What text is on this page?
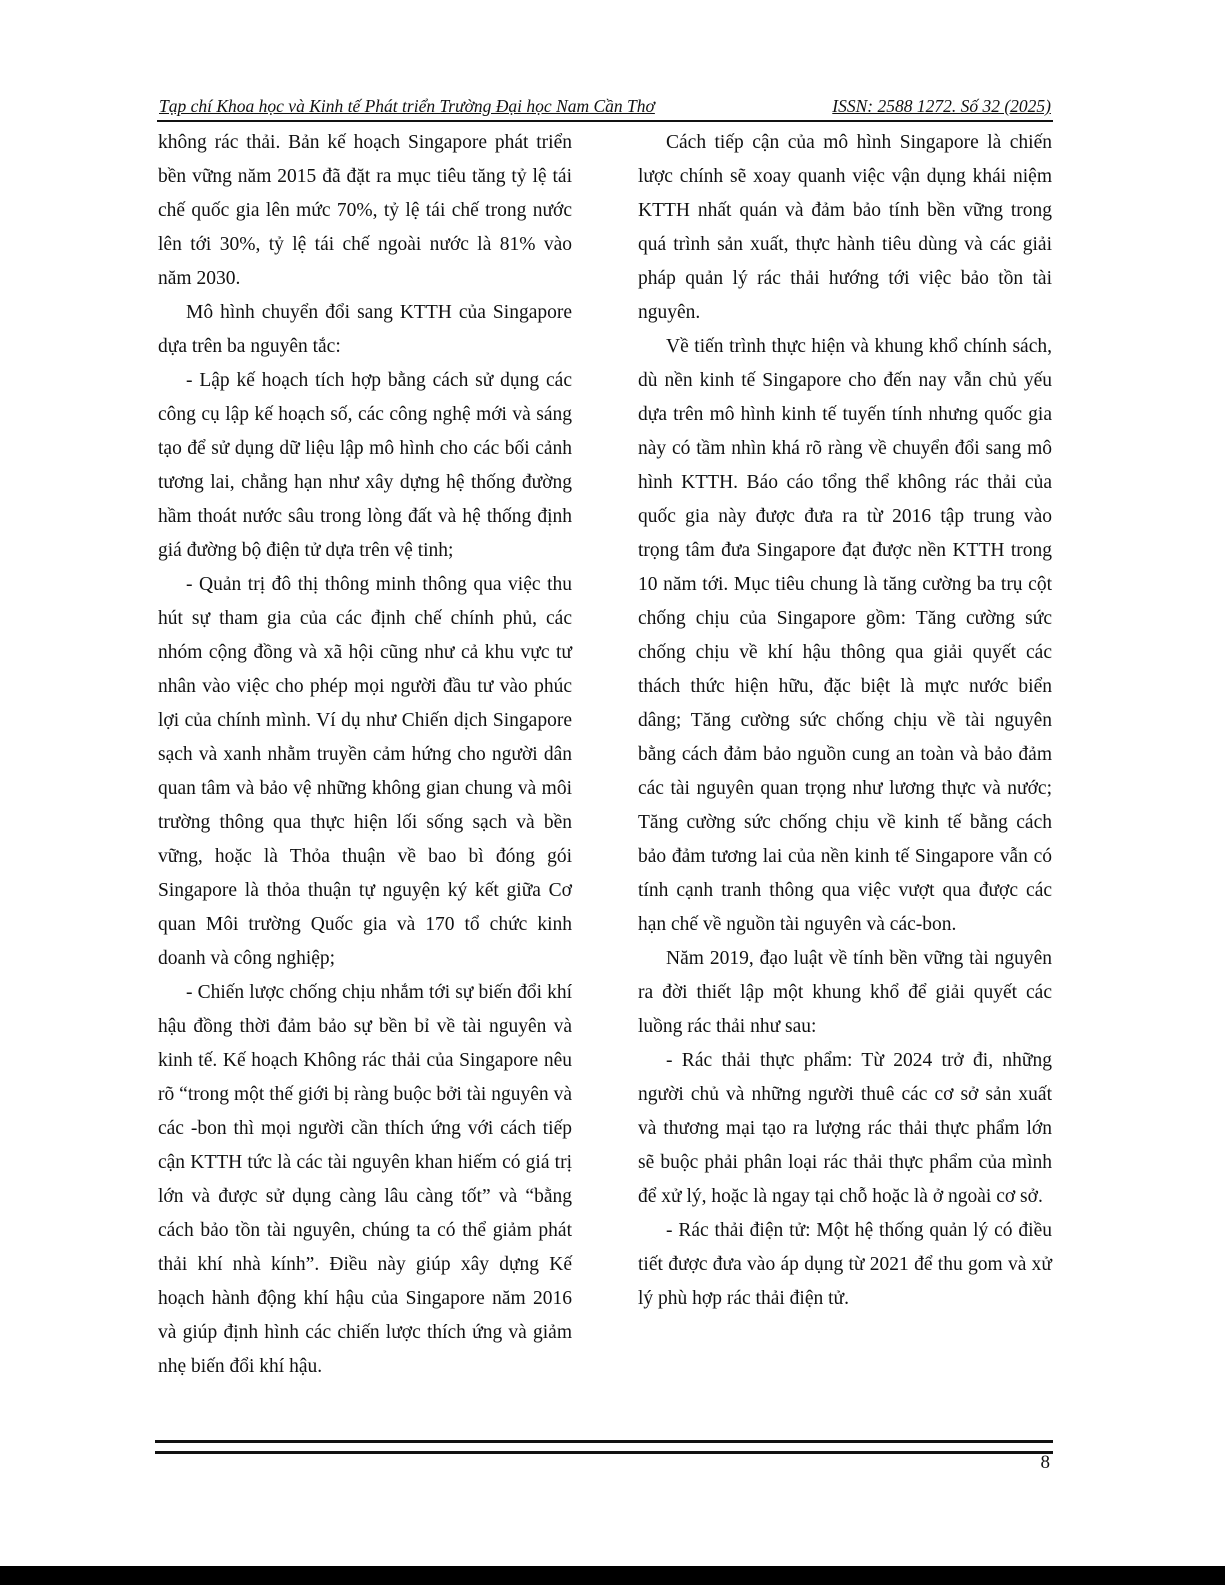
Tạp chí Khoa học và Kinh tế Phát triển Trường Đại học Nam Cần Thơ	ISSN: 2588 1272. Số 32 (2025)

không rác thải. Bản kế hoạch Singapore phát triển bền vững năm 2015 đã đặt ra mục tiêu tăng tỷ lệ tái chế quốc gia lên mức 70%, tỷ lệ tái chế trong nước lên tới 30%, tỷ lệ tái chế ngoài nước là 81% vào năm 2030.

Mô hình chuyển đổi sang KTTH của Singapore dựa trên ba nguyên tắc:

- Lập kế hoạch tích hợp bằng cách sử dụng các công cụ lập kế hoạch số, các công nghệ mới và sáng tạo để sử dụng dữ liệu lập mô hình cho các bối cảnh tương lai, chẳng hạn như xây dựng hệ thống đường hầm thoát nước sâu trong lòng đất và hệ thống định giá đường bộ điện tử dựa trên vệ tinh;

- Quản trị đô thị thông minh thông qua việc thu hút sự tham gia của các định chế chính phủ, các nhóm cộng đồng và xã hội cũng như cả khu vực tư nhân vào việc cho phép mọi người đầu tư vào phúc lợi của chính mình. Ví dụ như Chiến dịch Singapore sạch và xanh nhằm truyền cảm hứng cho người dân quan tâm và bảo vệ những không gian chung và môi trường thông qua thực hiện lối sống sạch và bền vững, hoặc là Thỏa thuận về bao bì đóng gói Singapore là thỏa thuận tự nguyện ký kết giữa Cơ quan Môi trường Quốc gia và 170 tổ chức kinh doanh và công nghiệp;

- Chiến lược chống chịu nhắm tới sự biến đổi khí hậu đồng thời đảm bảo sự bền bỉ về tài nguyên và kinh tế. Kế hoạch Không rác thải của Singapore nêu rõ “trong một thế giới bị ràng buộc bởi tài nguyên và các -bon thì mọi người cần thích ứng với cách tiếp cận KTTH tức là các tài nguyên khan hiếm có giá trị lớn và được sử dụng càng lâu càng tốt” và “bằng cách bảo tồn tài nguyên, chúng ta có thể giảm phát thải khí nhà kính”. Điều này giúp xây dựng Kế hoạch hành động khí hậu của Singapore năm 2016 và giúp định hình các chiến lược thích ứng và giảm nhẹ biến đổi khí hậu.

Cách tiếp cận của mô hình Singapore là chiến lược chính sẽ xoay quanh việc vận dụng khái niệm KTTH nhất quán và đảm bảo tính bền vững trong quá trình sản xuất, thực hành tiêu dùng và các giải pháp quản lý rác thải hướng tới việc bảo tồn tài nguyên.

Về tiến trình thực hiện và khung khổ chính sách, dù nền kinh tế Singapore cho đến nay vẫn chủ yếu dựa trên mô hình kinh tế tuyến tính nhưng quốc gia này có tầm nhìn khá rõ ràng về chuyển đổi sang mô hình KTTH. Báo cáo tổng thể không rác thải của quốc gia này được đưa ra từ 2016 tập trung vào trọng tâm đưa Singapore đạt được nền KTTH trong 10 năm tới. Mục tiêu chung là tăng cường ba trụ cột chống chịu của Singapore gồm: Tăng cường sức chống chịu về khí hậu thông qua giải quyết các thách thức hiện hữu, đặc biệt là mực nước biển dâng; Tăng cường sức chống chịu về tài nguyên bằng cách đảm bảo nguồn cung an toàn và bảo đảm các tài nguyên quan trọng như lương thực và nước; Tăng cường sức chống chịu về kinh tế bằng cách bảo đảm tương lai của nền kinh tế Singapore vẫn có tính cạnh tranh thông qua việc vượt qua được các hạn chế về nguồn tài nguyên và các-bon.

Năm 2019, đạo luật về tính bền vững tài nguyên ra đời thiết lập một khung khổ để giải quyết các luồng rác thải như sau:

- Rác thải thực phẩm: Từ 2024 trở đi, những người chủ và những người thuê các cơ sở sản xuất và thương mại tạo ra lượng rác thải thực phẩm lớn sẽ buộc phải phân loại rác thải thực phẩm của mình để xử lý, hoặc là ngay tại chỗ hoặc là ở ngoài cơ sở.

- Rác thải điện tử: Một hệ thống quản lý có điều tiết được đưa vào áp dụng từ 2021 để thu gom và xử lý phù hợp rác thải điện tử.

8
